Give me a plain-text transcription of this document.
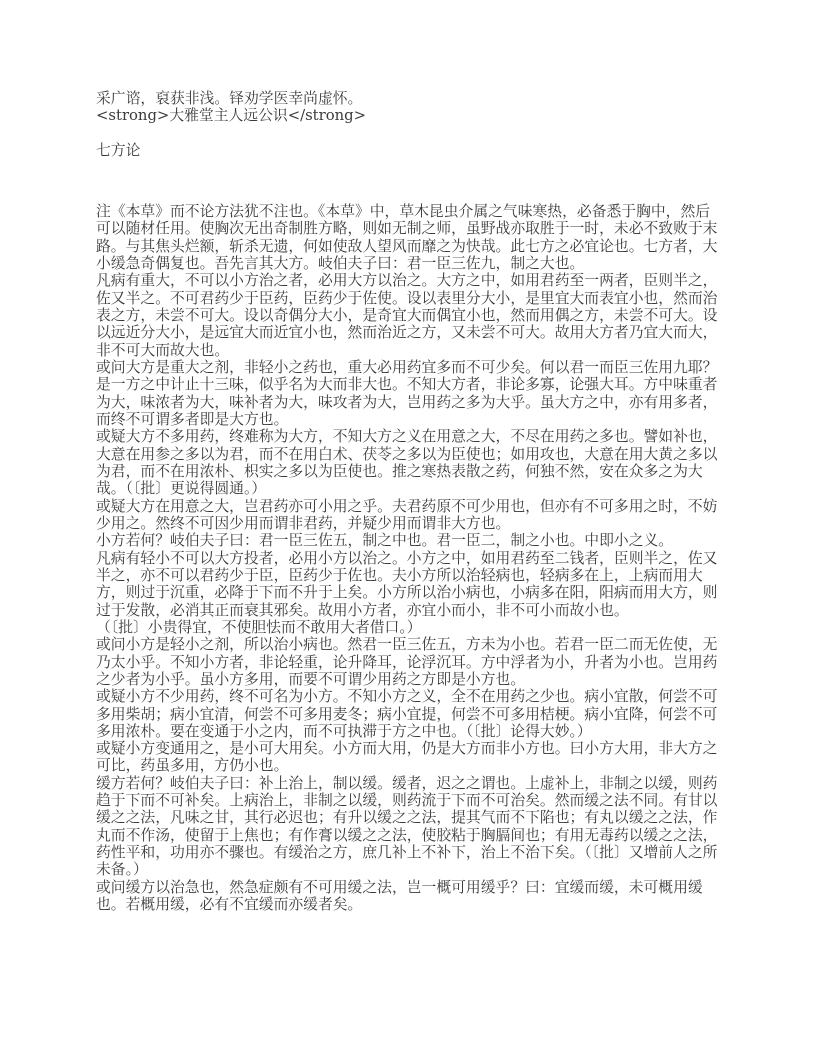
采广谘，裒获非浅。铎劝学医幸尚虚怀。

<strong>大雅堂主人远公识</strong>

七方论

注《本草》而不论方法犹不注也。《本草》中，草木昆虫介属之气味寒热，必备悉于胸中，然后可以随材任用。使胸次无出奇制胜方略，则如无制之师，虽野战亦取胜于一时，未必不致败于末路。与其焦头烂额，斩杀无遗，何如使敌人望风而靡之为快哉。此七方之必宜论也。七方者，大小缓急奇偶复也。吾先言其大方。岐伯夫子曰：君一臣三佐九，制之大也。

凡病有重大，不可以小方治之者，必用大方以治之。大方之中，如用君药至一两者，臣则半之，佐又半之。不可君药少于臣药，臣药少于佐使。设以表里分大小，是里宜大而表宜小也，然而治表之方，未尝不可大。设以奇偶分大小，是奇宜大而偶宜小也，然而用偶之方，未尝不可大。设以远近分大小，是远宜大而近宜小也，然而治近之方，又未尝不可大。故用大方者乃宜大而大，非不可大而故大也。

或问大方是重大之剂，非轻小之药也，重大必用药宜多而不可少矣。何以君一而臣三佐用九耶？是一方之中计止十三味，似乎名为大而非大也。不知大方者，非论多寡，论强大耳。方中味重者为大，味浓者为大，味补者为大，味攻者为大，岂用药之多为大乎。虽大方之中，亦有用多者，而终不可谓多者即是大方也。

或疑大方不多用药，终难称为大方，不知大方之义在用意之大，不尽在用药之多也。譬如补也，大意在用参之多以为君，而不在用白术、茯苓之多以为臣使也；如用攻也，大意在用大黄之多以为君，而不在用浓朴、枳实之多以为臣使也。推之寒热表散之药，何独不然，安在众多之为大哉。（〔批〕更说得圆通。）

或疑大方在用意之大，岂君药亦可小用之乎。夫君药原不可少用也，但亦有不可多用之时，不妨少用之。然终不可因少用而谓非君药，并疑少用而谓非大方也。

小方若何？岐伯夫子曰：君一臣三佐五，制之中也。君一臣二，制之小也。中即小之义。

凡病有轻小不可以大方投者，必用小方以治之。小方之中，如用君药至二钱者，臣则半之，佐又半之，亦不可以君药少于臣，臣药少于佐也。夫小方所以治轻病也，轻病多在上，上病而用大方，则过于沉重，必降于下而不升于上矣。小方所以治小病也，小病多在阳，阳病而用大方，则过于发散，必消其正而衰其邪矣。故用小方者，亦宜小而小，非不可小而故小也。

（〔批〕小贵得宜，不使胆怯而不敢用大者借口。）

或问小方是轻小之剂，所以治小病也。然君一臣三佐五，方未为小也。若君一臣二而无佐使，无乃太小乎。不知小方者，非论轻重，论升降耳，论浮沉耳。方中浮者为小，升者为小也。岂用药之少者为小乎。虽小方多用，而要不可谓少用药之方即是小方也。

或疑小方不少用药，终不可名为小方。不知小方之义，全不在用药之少也。病小宜散，何尝不可多用柴胡；病小宜清，何尝不可多用麦冬；病小宜提，何尝不可多用桔梗。病小宜降，何尝不可多用浓朴。要在变通于小之内，而不可执滞于方之中也。（〔批〕论得大妙。）

或疑小方变通用之，是小可大用矣。小方而大用，仍是大方而非小方也。曰小方大用，非大方之可比，药虽多用，方仍小也。

缓方若何？岐伯夫子曰：补上治上，制以缓。缓者，迟之之谓也。上虚补上，非制之以缓，则药趋于下而不可补矣。上病治上，非制之以缓，则药流于下而不可治矣。然而缓之法不同。有甘以缓之之法，凡味之甘，其行必迟也；有升以缓之之法，提其气而不下陷也；有丸以缓之之法，作丸而不作汤，使留于上焦也；有作膏以缓之之法，使胶粘于胸膈间也；有用无毒药以缓之之法，药性平和，功用亦不骤也。有缓治之方，庶几补上不补下，治上不治下矣。（〔批〕又增前人之所未备。）

或问缓方以治急也，然急症颇有不可用缓之法，岂一概可用缓乎？曰：宜缓而缓，未可概用缓也。若概用缓，必有不宜缓而亦缓者矣。
